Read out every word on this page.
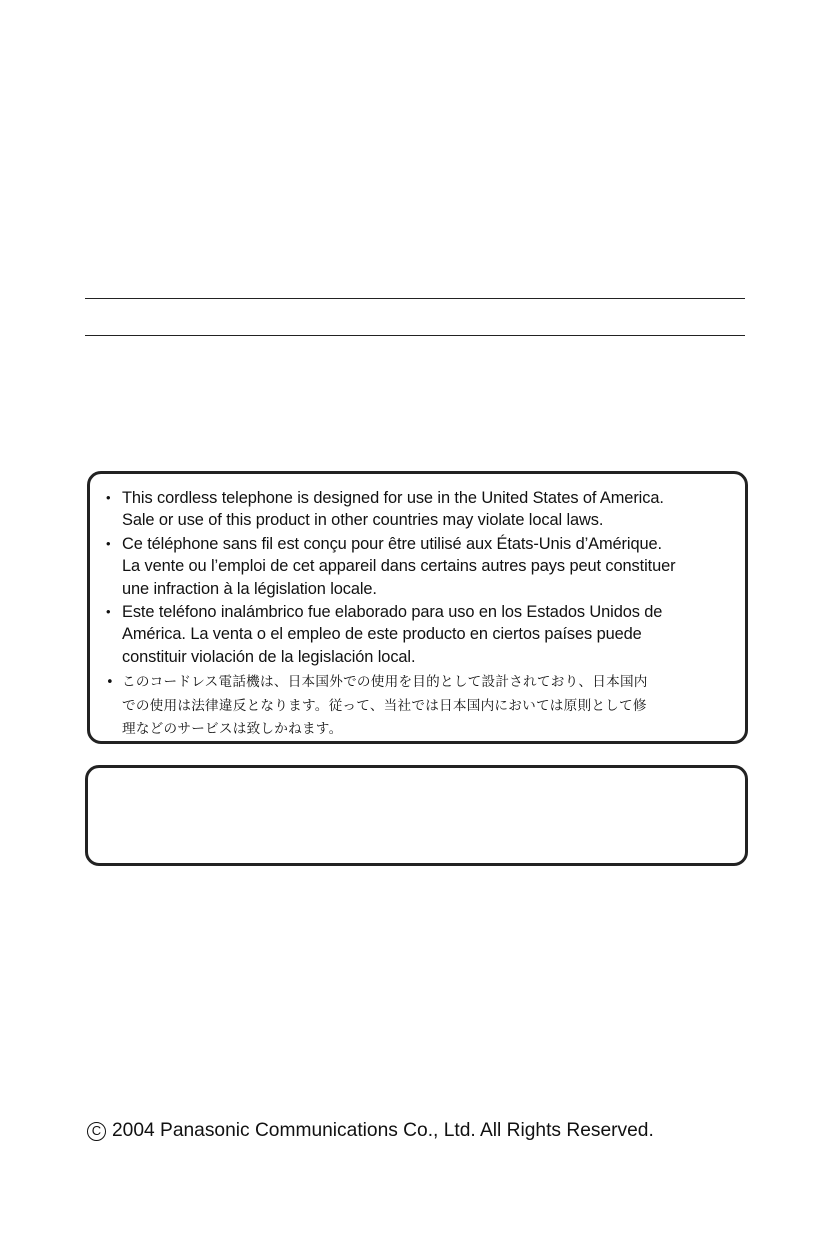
• This cordless telephone is designed for use in the United States of America.
Sale or use of this product in other countries may violate local laws.
• Ce téléphone sans fil est conçu pour être utilisé aux États-Unis d’Amérique.
La vente ou l’emploi de cet appareil dans certains autres pays peut constituer
une infraction à la législation locale.
• Este teléfono inalámbrico fue elaborado para uso en los Estados Unidos de
América. La venta o el empleo de este producto en ciertos países puede
constituir violación de la legislación local.
• このコードレス電話機は、日本国外での使用を目的として設計されており、日本国内
での使用は法律違反となります。従って、当社では日本国内においては原則として修
理などのサービスは致しかねます。
C 2004 Panasonic Communications Co., Ltd. All Rights Reserved.
